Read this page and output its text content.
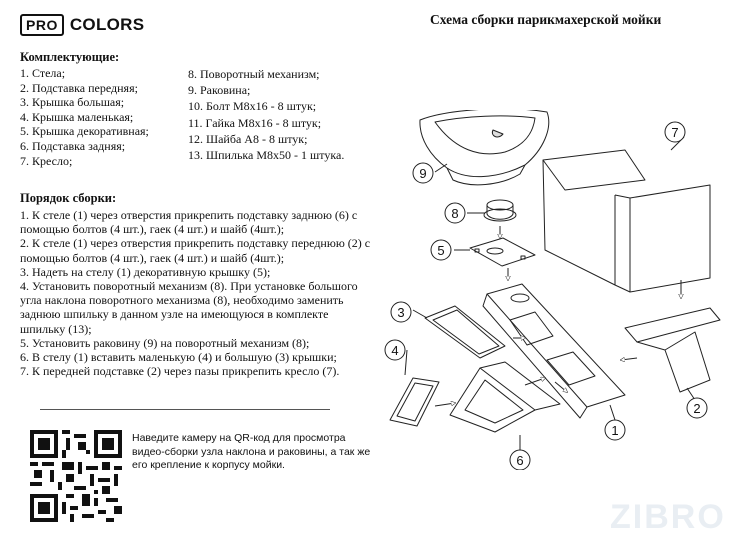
PRO COLORS	Схема сборки парикмахерской мойки
Комплектующие:
1. Стела;
2. Подставка передняя;
3. Крышка большая;
4. Крышка маленькая;
5. Крышка декоративная;
6. Подставка задняя;
7. Кресло;
8. Поворотный механизм;
9. Раковина;
10. Болт М8х16 - 8 штук;
11. Гайка М8х16 - 8 штук;
12. Шайба А8 - 8 штук;
13. Шпилька М8х50 - 1 штука.
Порядок сборки:

1. К стеле (1) через отверстия прикрепить подставку заднюю (6) с помощью болтов (4 шт.), гаек (4 шт.) и шайб (4шт.);

2. К стеле (1) через отверстия прикрепить подставку переднюю (2) с помощью болтов (4 шт.), гаек (4 шт.) и шайб (4шт.);

3. Надеть на стелу (1) декоративную крышку (5);

4. Установить поворотный механизм (8). При установке большого угла наклона поворотного механизма (8), необходимо заменить заднюю шпильку в данном узле на имеющуюся в комплекте шпильку (13);

5. Установить раковину (9) на поворотный механизм (8);

6. В стелу (1) вставить маленькую (4) и большую (3) крышки;

7. К передней подставке (2) через пазы прикрепить кресло (7).

Наведите камеру на QR-код для просмотра видео-сборки узла наклона и раковины, а так же его крепление к корпусу мойки.
ZIBRO
9
8
5
3
4
6
7
1
2
